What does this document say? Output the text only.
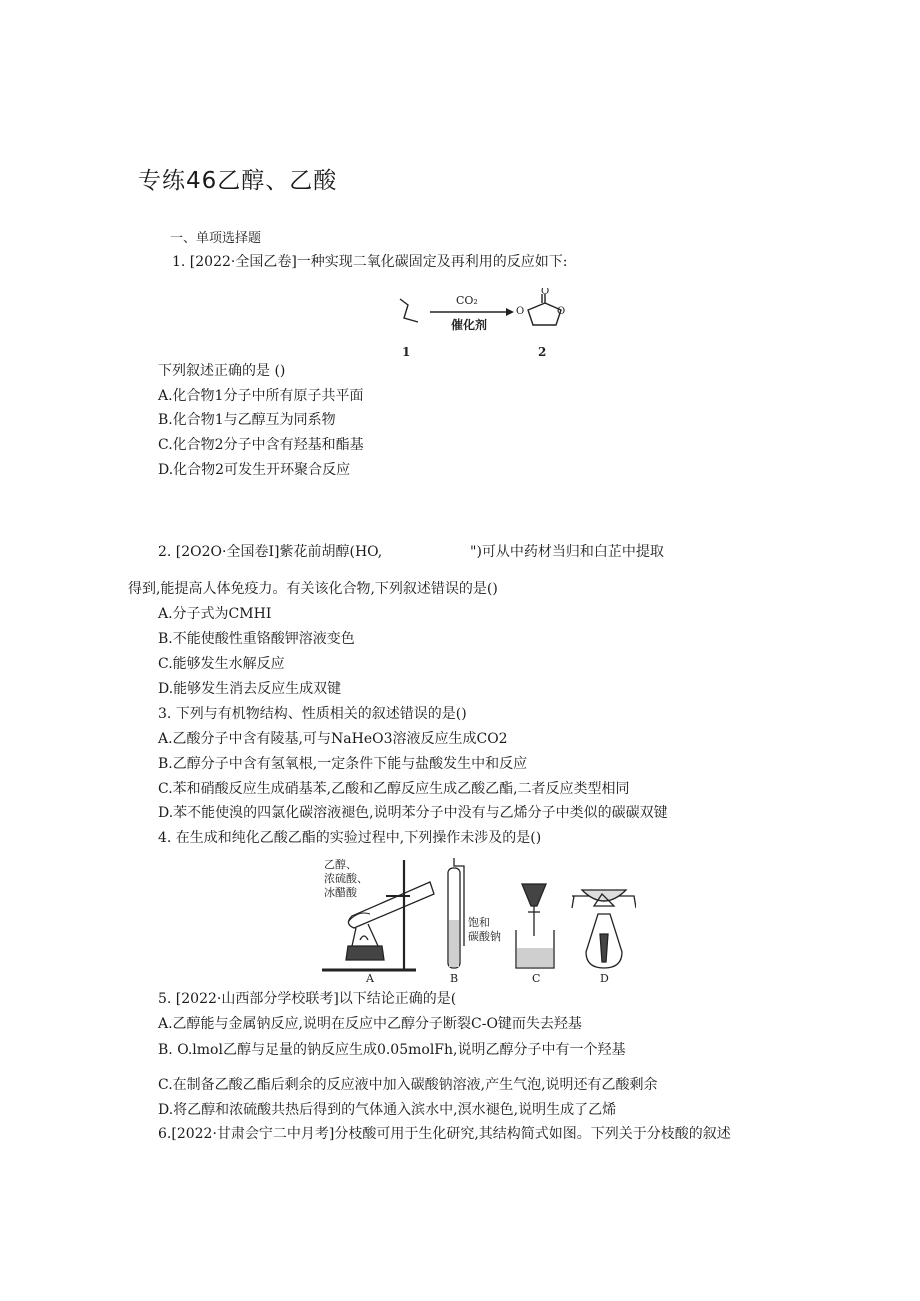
专练46乙醇、乙酸
一、单项选择题
1. [2022·全国乙卷]一种实现二氧化碳固定及再利用的反应如下:
CO₂
催化剂
O
O	O
1	2
下列叙述正确的是 ()
A.化合物1分子中所有原子共平面
B.化合物1与乙醇互为同系物
C.化合物2分子中含有羟基和酯基
D.化合物2可发生开环聚合反应
2. [2O2O·全国卷I]紫花前胡醇(HO,	")可从中药材当归和白芷中提取
得到,能提高人体免疫力。有关该化合物,下列叙述错误的是()
A.分子式为CMHI
B.不能使酸性重铬酸钾溶液变色
C.能够发生水解反应
D.能够发生消去反应生成双键
3. 下列与有机物结构、性质相关的叙述错误的是()
A.乙酸分子中含有陵基,可与NaHeO3溶液反应生成CO2
B.乙醇分子中含有氢氧根,一定条件下能与盐酸发生中和反应
C.苯和硝酸反应生成硝基苯,乙酸和乙醇反应生成乙酸乙酯,二者反应类型相同
D.苯不能使溴的四氯化碳溶液褪色,说明苯分子中没有与乙烯分子中类似的碳碳双键
4. 在生成和纯化乙酸乙酯的实验过程中,下列操作未涉及的是()
乙醇、
浓硫酸、
冰醋酸
A
饱和
碳酸钠
B	C	D
5. [2022·山西部分学校联考]以下结论正确的是(
A.乙醇能与金属钠反应,说明在反应中乙醇分子断裂C-O键而失去羟基
B. O.lmol乙醇与足量的钠反应生成0.05molFh,说明乙醇分子中有一个羟基
C.在制备乙酸乙酯后剩余的反应液中加入碳酸钠溶液,产生气泡,说明还有乙酸剩余
D.将乙醇和浓硫酸共热后得到的气体通入滨水中,溟水褪色,说明生成了乙烯
6.[2022·甘肃会宁二中月考]分枝酸可用于生化研究,其结构简式如图。下列关于分枝酸的叙述
